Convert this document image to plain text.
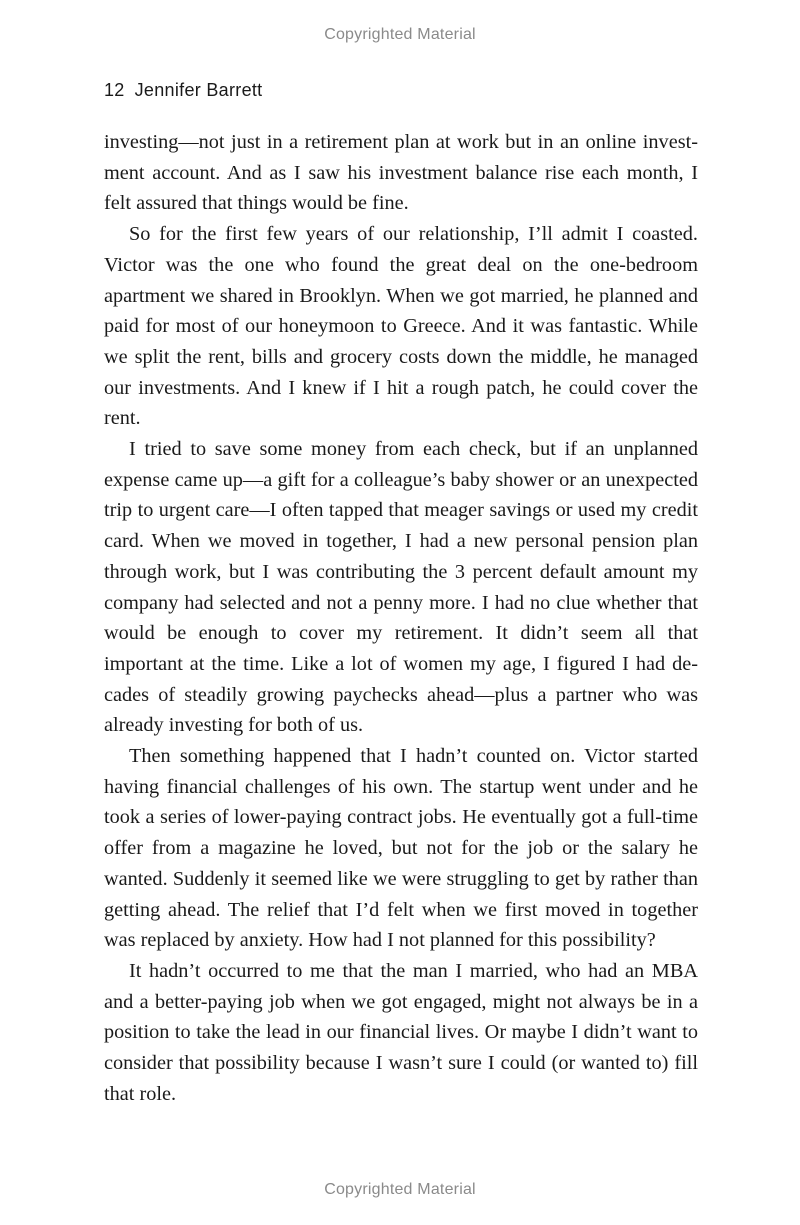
Copyrighted Material
12 Jennifer Barrett

investing—not just in a retirement plan at work but in an online investment account. And as I saw his investment balance rise each month, I felt assured that things would be fine.

So for the first few years of our relationship, I’ll admit I coasted. Victor was the one who found the great deal on the one-bedroom apartment we shared in Brooklyn. When we got married, he planned and paid for most of our honeymoon to Greece. And it was fantastic. While we split the rent, bills and grocery costs down the middle, he managed our investments. And I knew if I hit a rough patch, he could cover the rent.

I tried to save some money from each check, but if an unplanned expense came up—a gift for a colleague’s baby shower or an unexpected trip to urgent care—I often tapped that meager savings or used my credit card. When we moved in together, I had a new personal pension plan through work, but I was contributing the 3 percent default amount my company had selected and not a penny more. I had no clue whether that would be enough to cover my retirement. It didn’t seem all that important at the time. Like a lot of women my age, I figured I had decades of steadily growing paychecks ahead—plus a partner who was already investing for both of us.

Then something happened that I hadn’t counted on. Victor started having financial challenges of his own. The startup went under and he took a series of lower-paying contract jobs. He eventually got a full-time offer from a magazine he loved, but not for the job or the salary he wanted. Suddenly it seemed like we were struggling to get by rather than getting ahead. The relief that I’d felt when we first moved in together was replaced by anxiety. How had I not planned for this possibility?

It hadn’t occurred to me that the man I married, who had an MBA and a better-paying job when we got engaged, might not always be in a position to take the lead in our financial lives. Or maybe I didn’t want to consider that possibility because I wasn’t sure I could (or wanted to) fill that role.

Copyrighted Material
